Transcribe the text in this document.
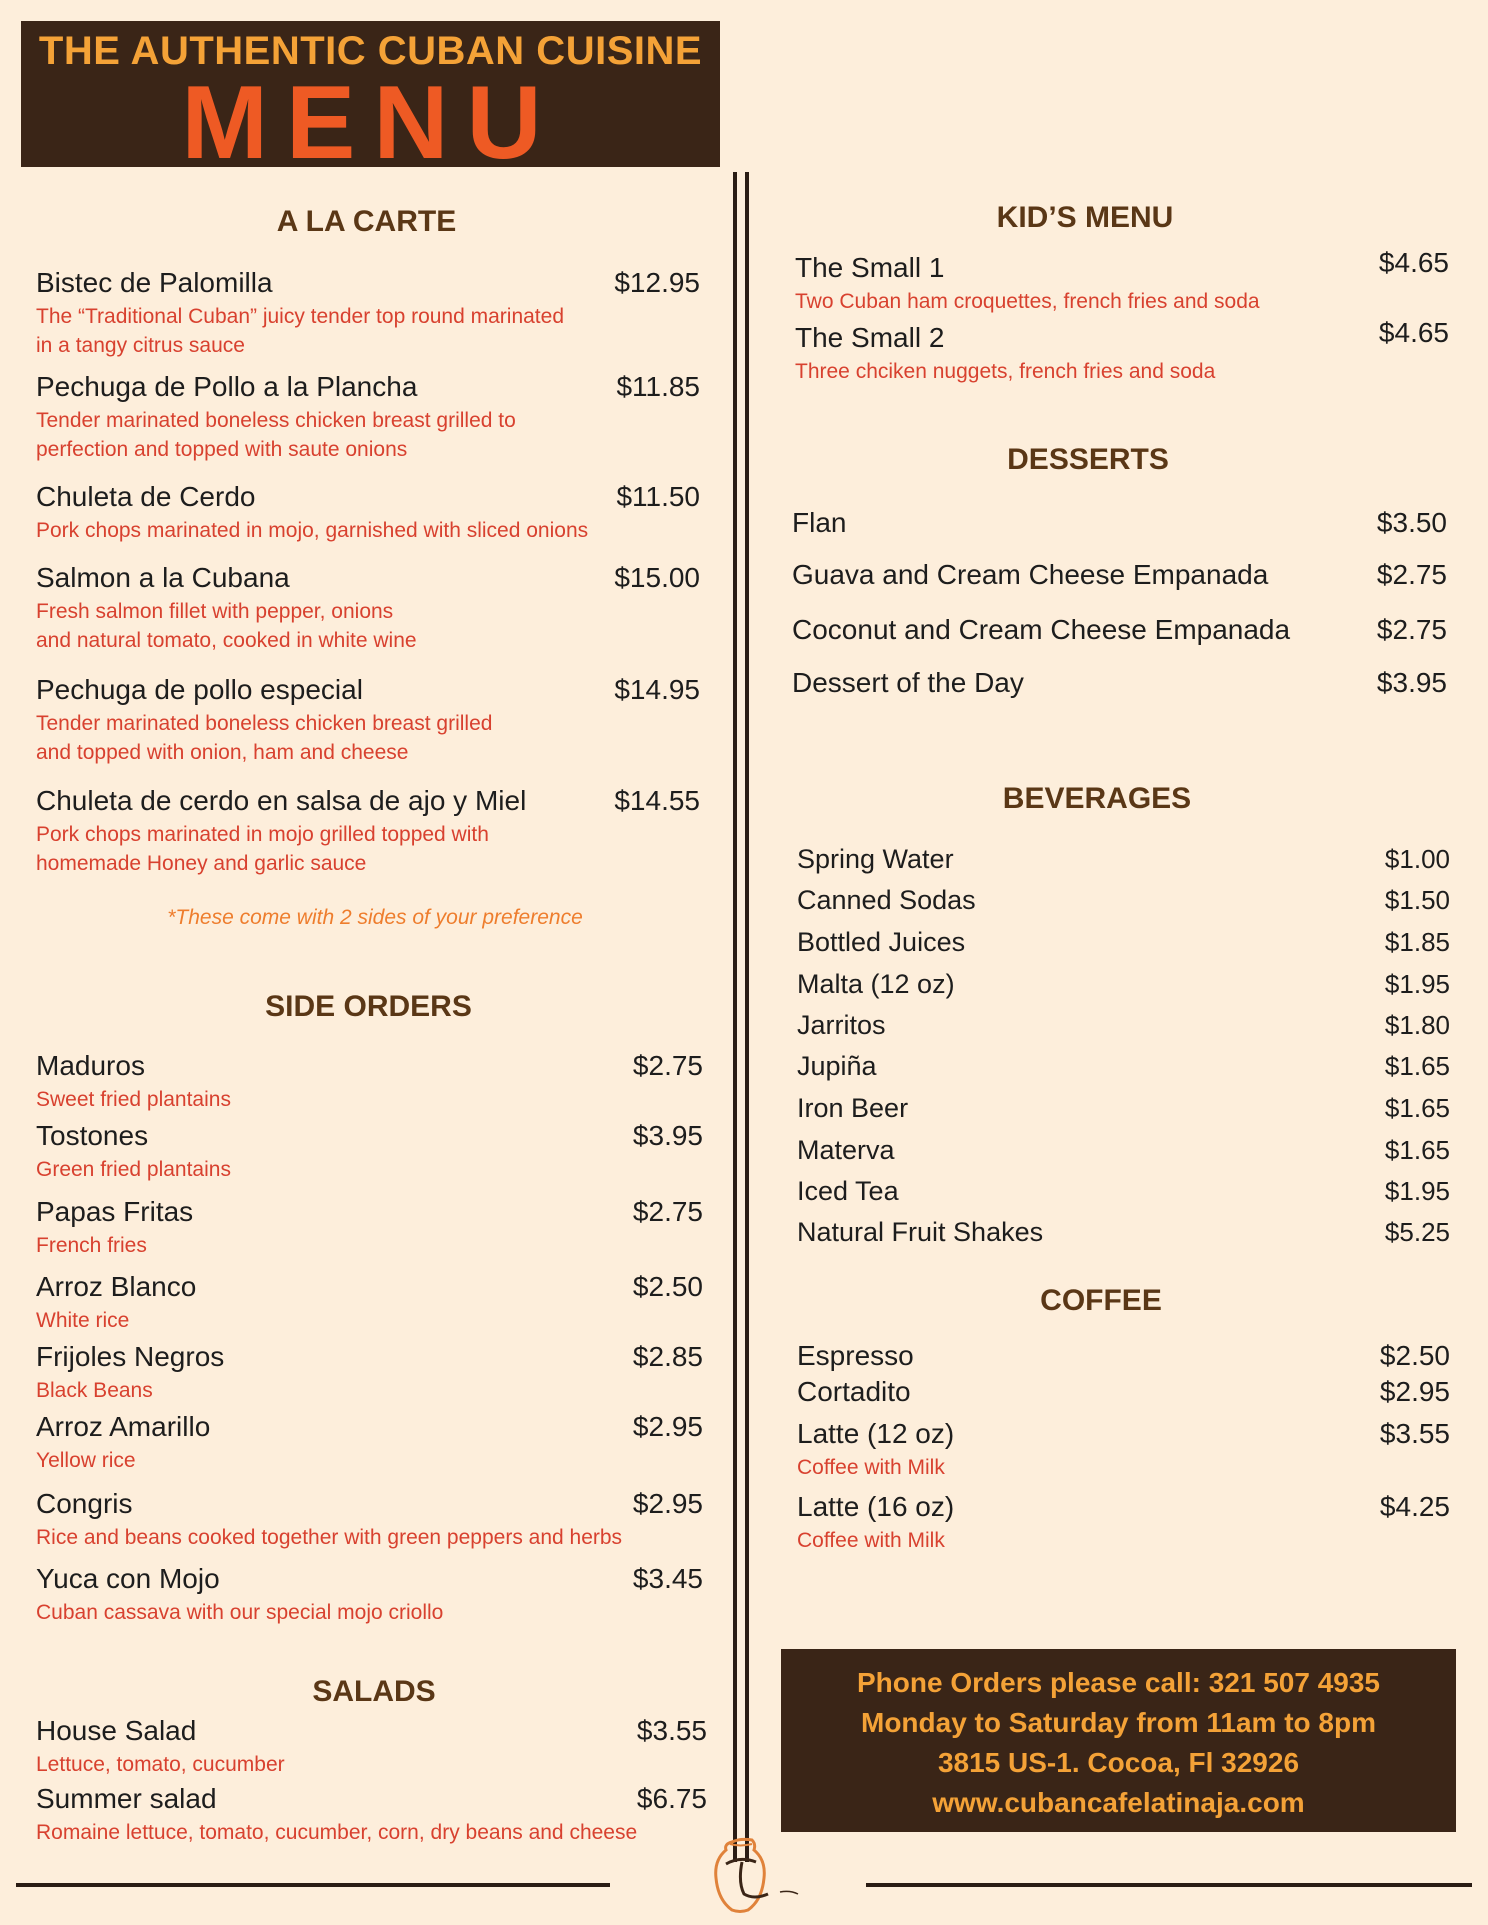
THE AUTHENTIC CUBAN CUISINE
MENU
A LA CARTE
Bistec de Palomilla	$12.95
The “Traditional Cuban” juicy tender top round marinated
in a tangy citrus sauce
Pechuga de Pollo a la Plancha	$11.85
Tender marinated boneless chicken breast grilled to
perfection and topped with saute onions
Chuleta de Cerdo	$11.50
Pork chops marinated in mojo, garnished with sliced onions
Salmon a la Cubana	$15.00
Fresh salmon fillet with pepper, onions
and natural tomato, cooked in white wine
Pechuga de pollo especial	$14.95
Tender marinated boneless chicken breast grilled
and topped with onion, ham and cheese
Chuleta de cerdo en salsa de ajo y Miel	$14.55
Pork chops marinated in mojo grilled topped with
homemade Honey and garlic sauce
*These come with 2 sides of your preference
SIDE ORDERS
Maduros	$2.75
Sweet fried plantains
Tostones	$3.95
Green fried plantains
Papas Fritas	$2.75
French fries
Arroz Blanco	$2.50
White rice
Frijoles Negros	$2.85
Black Beans
Arroz Amarillo	$2.95
Yellow rice
Congris	$2.95
Rice and beans cooked together with green peppers and herbs
Yuca con Mojo	$3.45
Cuban cassava with our special mojo criollo
SALADS
House Salad	$3.55
Lettuce, tomato, cucumber
Summer salad	$6.75
Romaine lettuce, tomato, cucumber, corn, dry beans and cheese
KID’S MENU
The Small 1	$4.65
Two Cuban ham croquettes, french fries and soda
The Small 2	$4.65
Three chciken nuggets, french fries and soda
DESSERTS
Flan	$3.50
Guava and Cream Cheese Empanada	$2.75
Coconut and Cream Cheese Empanada	$2.75
Dessert of the Day	$3.95
BEVERAGES
Spring Water	$1.00
Canned Sodas	$1.50
Bottled Juices	$1.85
Malta (12 oz)	$1.95
Jarritos	$1.80
Jupiña	$1.65
Iron Beer	$1.65
Materva	$1.65
Iced Tea	$1.95
Natural Fruit Shakes	$5.25
COFFEE
Espresso	$2.50
Cortadito	$2.95
Latte (12 oz)	$3.55
Coffee with Milk
Latte (16 oz)	$4.25
Coffee with Milk
Phone Orders please call: 321 507 4935
Monday to Saturday from 11am to 8pm
3815 US-1. Cocoa, Fl 32926
www.cubancafelatinaja.com
